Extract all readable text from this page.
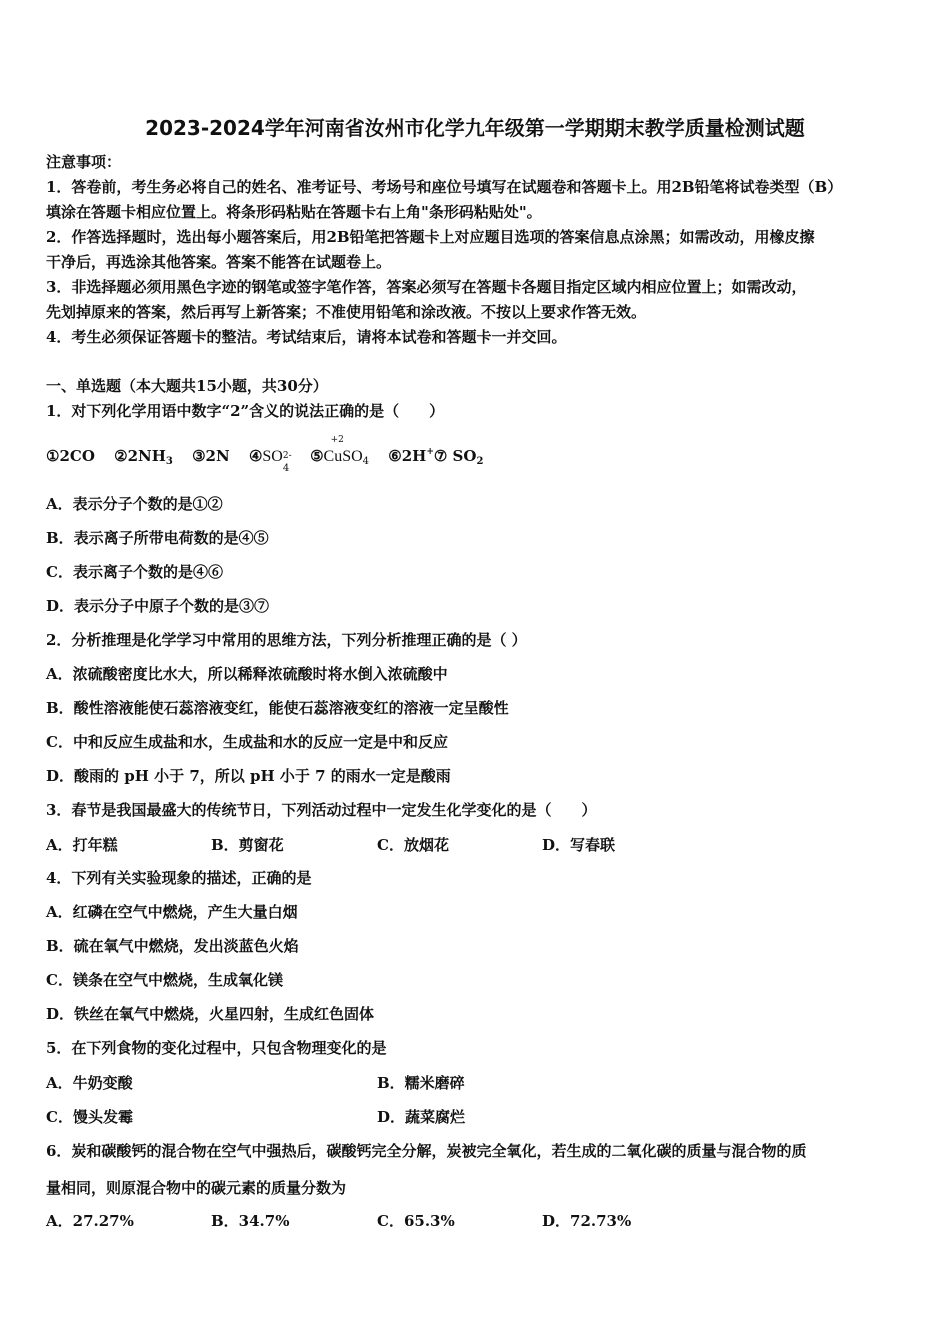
2023-2024学年河南省汝州市化学九年级第一学期期末教学质量检测试题
注意事项：
1．答卷前，考生务必将自己的姓名、准考证号、考场号和座位号填写在试题卷和答题卡上。用2B铅笔将试卷类型（B）
填涂在答题卡相应位置上。将条形码粘贴在答题卡右上角"条形码粘贴处"。
2．作答选择题时，选出每小题答案后，用2B铅笔把答题卡上对应题目选项的答案信息点涂黑；如需改动，用橡皮擦
干净后，再选涂其他答案。答案不能答在试题卷上。
3．非选择题必须用黑色字迹的钢笔或签字笔作答，答案必须写在答题卡各题目指定区域内相应位置上；如需改动，
先划掉原来的答案，然后再写上新答案；不准使用铅笔和涂改液。不按以上要求作答无效。
4．考生必须保证答题卡的整洁。考试结束后，请将本试卷和答题卡一并交回。
一、单选题（本大题共15小题，共30分）
1．对下列化学用语中数字“2”含义的说法正确的是（　　）
①2CO $②2NH_3$ ③2N ④SO 2-
4
⑤
+2
CuSO$_4$ ⑥2H+⑦ $SO_2$
A．表示分子个数的是①②
B．表示离子所带电荷数的是④⑤
C．表示离子个数的是④⑥
D．表示分子中原子个数的是③⑦
2．分析推理是化学学习中常用的思维方法，下列分析推理正确的是（ ）
A．浓硫酸密度比水大，所以稀释浓硫酸时将水倒入浓硫酸中
B．酸性溶液能使石蕊溶液变红，能使石蕊溶液变红的溶液一定呈酸性
C．中和反应生成盐和水，生成盐和水的反应一定是中和反应
D．酸雨的 pH 小于 7，所以 pH 小于 7 的雨水一定是酸雨
3．春节是我国最盛大的传统节日，下列活动过程中一定发生化学变化的是（　　）
A．打年糕	B．剪窗花	C．放烟花	D．写春联
4．下列有关实验现象的描述，正确的是
A．红磷在空气中燃烧，产生大量白烟
B．硫在氧气中燃烧，发出淡蓝色火焰
C．镁条在空气中燃烧，生成氧化镁
D．铁丝在氧气中燃烧，火星四射，生成红色固体
5．在下列食物的变化过程中，只包含物理变化的是
A．牛奶变酸	B．糯米磨碎
C．馒头发霉	D．蔬菜腐烂
6．炭和碳酸钙的混合物在空气中强热后，碳酸钙完全分解，炭被完全氧化，若生成的二氧化碳的质量与混合物的质
量相同，则原混合物中的碳元素的质量分数为
A．27.27%	B．34.7%	C．65.3%	D．72.73%
